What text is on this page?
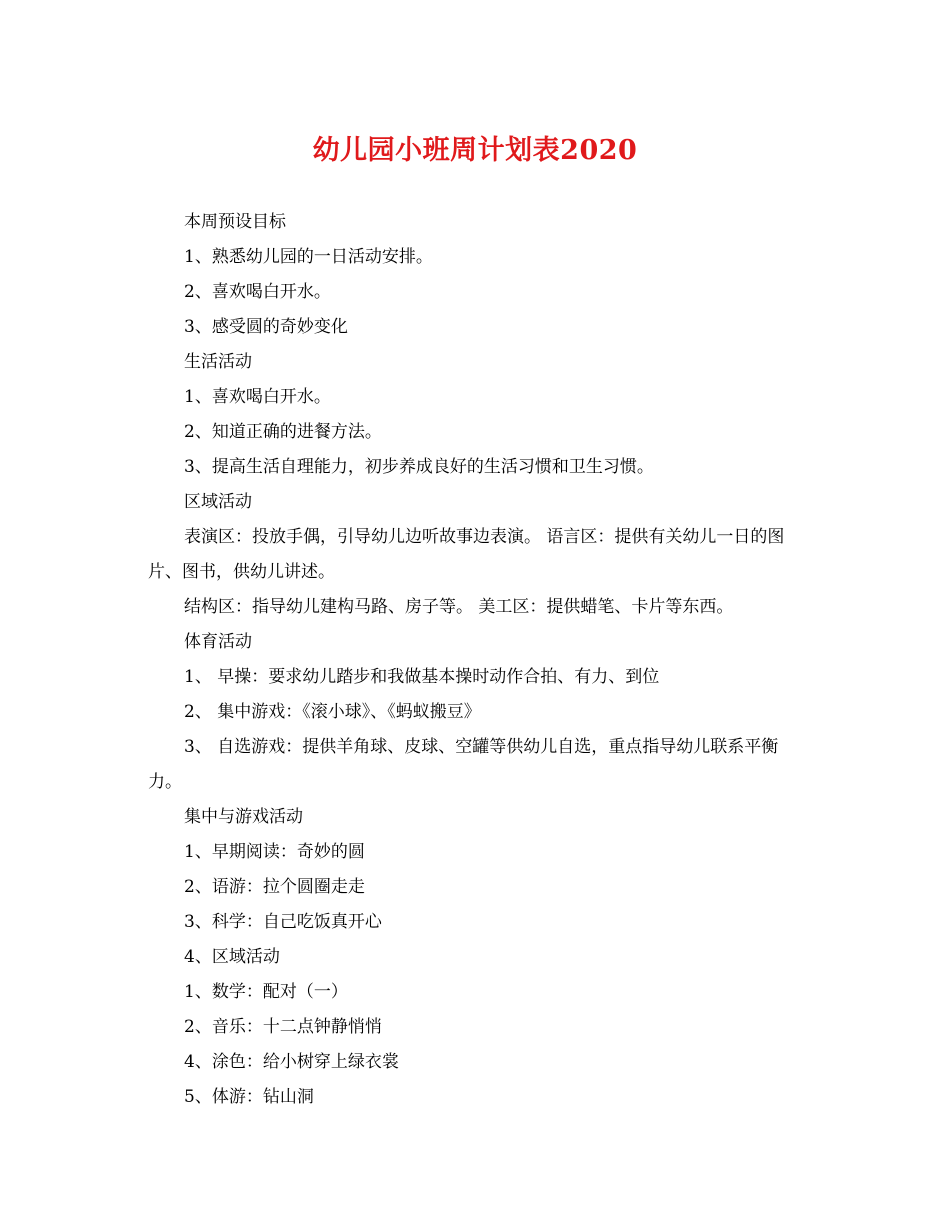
幼儿园小班周计划表2020

本周预设目标

1、熟悉幼儿园的一日活动安排。

2、喜欢喝白开水。

3、感受圆的奇妙变化

生活活动

1、喜欢喝白开水。

2、知道正确的进餐方法。

3、提高生活自理能力，初步养成良好的生活习惯和卫生习惯。

区域活动

表演区：投放手偶，引导幼儿边听故事边表演。 语言区：提供有关幼儿一日的图片、图书，供幼儿讲述。

结构区：指导幼儿建构马路、房子等。 美工区：提供蜡笔、卡片等东西。

体育活动

1、 早操：要求幼儿踏步和我做基本操时动作合拍、有力、到位

2、 集中游戏：《滚小球》、《蚂蚁搬豆》

3、 自选游戏：提供羊角球、皮球、空罐等供幼儿自选，重点指导幼儿联系平衡力。

集中与游戏活动

1、早期阅读：奇妙的圆

2、语游：拉个圆圈走走

3、科学：自己吃饭真开心

4、区域活动

1、数学：配对（一）

2、音乐：十二点钟静悄悄

4、涂色：给小树穿上绿衣裳

5、体游：钻山洞
